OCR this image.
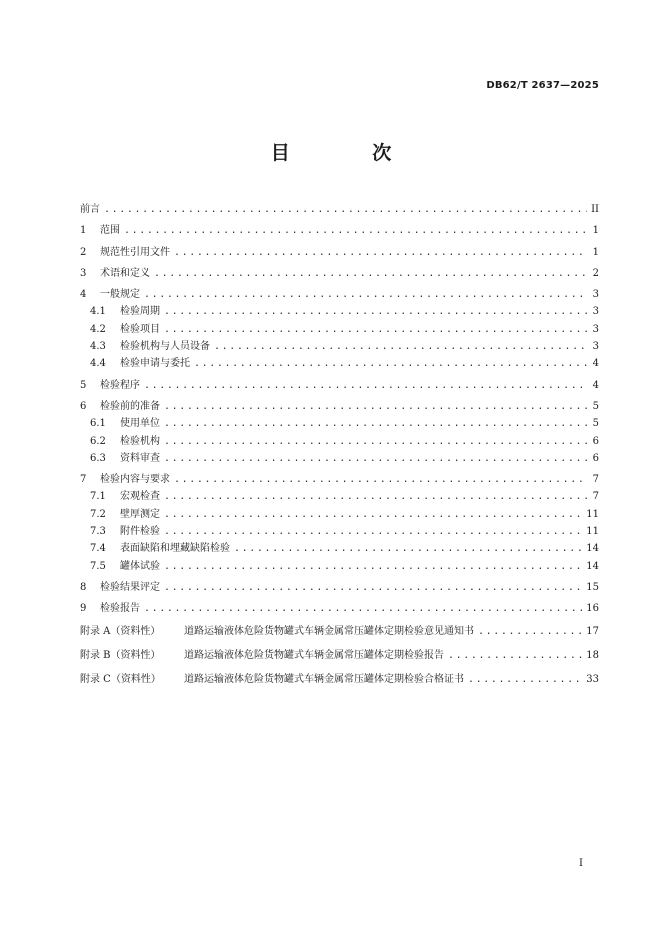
DB62/T 2637—2025
目 次
前言 .....	II
1	范围 .....	1
2	规范性引用文件 .....	1
3	术语和定义 .....	2
4	一般规定 .....	3
4.1	检验周期 .....	3
4.2	检验项目 .....	3
4.3	检验机构与人员设备 .....	3
4.4	检验申请与委托 .....	4
5	检验程序 .....	4
6	检验前的准备 .....	5
6.1	使用单位 .....	5
6.2	检验机构 .....	6
6.3	资料审查 .....	6
7	检验内容与要求 .....	7
7.1	宏观检查 .....	7
7.2	壁厚测定 .....	11
7.3	附件检验 .....	11
7.4	表面缺陷和埋藏缺陷检验 .....	14
7.5	罐体试验 .....	14
8	检验结果评定 .....	15
9	检验报告 .....	16
附录 A（资料性）	道路运输液体危险货物罐式车辆金属常压罐体定期检验意见通知书 .....	17
附录 B（资料性）	道路运输液体危险货物罐式车辆金属常压罐体定期检验报告 .....	18
附录 C（资料性）	道路运输液体危险货物罐式车辆金属常压罐体定期检验合格证书 .....	33
I
